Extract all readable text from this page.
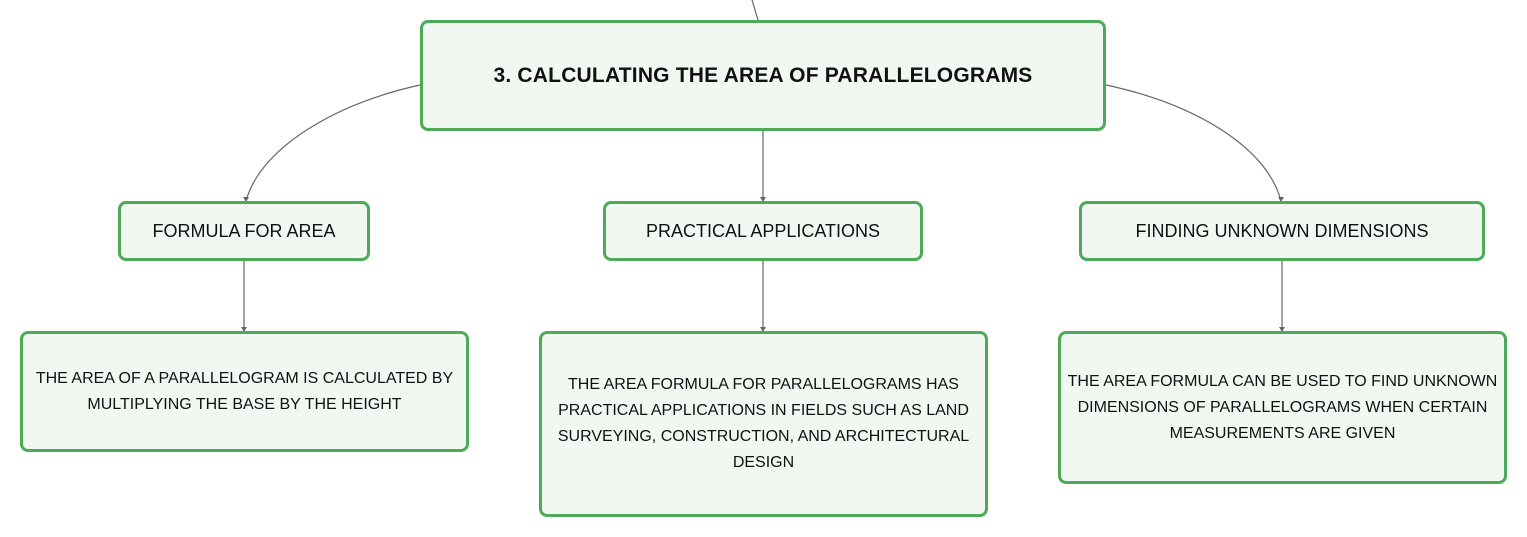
3. CALCULATING THE AREA OF PARALLELOGRAMS
FORMULA FOR AREA	PRACTICAL APPLICATIONS	FINDING UNKNOWN DIMENSIONS
THE AREA OF A PARALLELOGRAM IS CALCULATED BY MULTIPLYING THE BASE BY THE HEIGHT
THE AREA FORMULA FOR PARALLELOGRAMS HAS PRACTICAL APPLICATIONS IN FIELDS SUCH AS LAND SURVEYING, CONSTRUCTION, AND ARCHITECTURAL DESIGN
THE AREA FORMULA CAN BE USED TO FIND UNKNOWN DIMENSIONS OF PARALLELOGRAMS WHEN CERTAIN MEASUREMENTS ARE GIVEN
